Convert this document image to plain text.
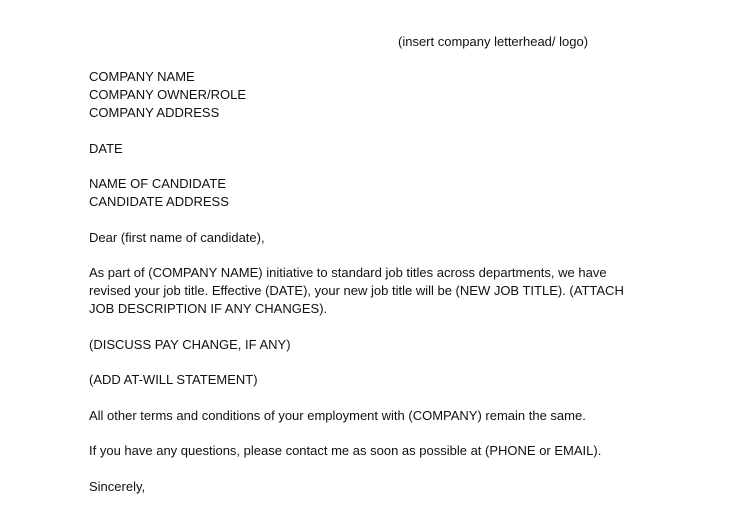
(insert company letterhead/ logo)
COMPANY NAME
COMPANY OWNER/ROLE
COMPANY ADDRESS
DATE
NAME OF CANDIDATE
CANDIDATE ADDRESS
Dear (first name of candidate),
As part of (COMPANY NAME) initiative to standard job titles across departments, we have
revised your job title. Effective (DATE), your new job title will be (NEW JOB TITLE). (ATTACH
JOB DESCRIPTION IF ANY CHANGES).
(DISCUSS PAY CHANGE, IF ANY)
(ADD AT-WILL STATEMENT)
All other terms and conditions of your employment with (COMPANY) remain the same.
If you have any questions, please contact me as soon as possible at (PHONE or EMAIL).
Sincerely,
